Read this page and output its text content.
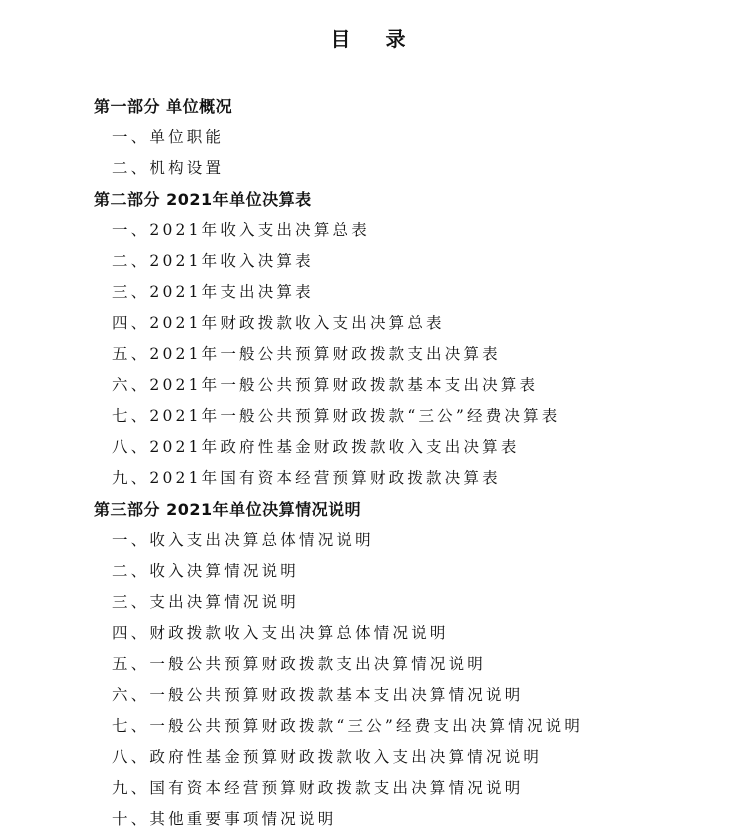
目 录
第一部分 单位概况
一、单位职能
二、机构设置
第二部分 2021年单位决算表
一、2021年收入支出决算总表
二、2021年收入决算表
三、2021年支出决算表
四、2021年财政拨款收入支出决算总表
五、2021年一般公共预算财政拨款支出决算表
六、2021年一般公共预算财政拨款基本支出决算表
七、2021年一般公共预算财政拨款“三公”经费决算表
八、2021年政府性基金财政拨款收入支出决算表
九、2021年国有资本经营预算财政拨款决算表
第三部分 2021年单位决算情况说明
一、收入支出决算总体情况说明
二、收入决算情况说明
三、支出决算情况说明
四、财政拨款收入支出决算总体情况说明
五、一般公共预算财政拨款支出决算情况说明
六、一般公共预算财政拨款基本支出决算情况说明
七、一般公共预算财政拨款“三公”经费支出决算情况说明
八、政府性基金预算财政拨款收入支出决算情况说明
九、国有资本经营预算财政拨款支出决算情况说明
十、其他重要事项情况说明
